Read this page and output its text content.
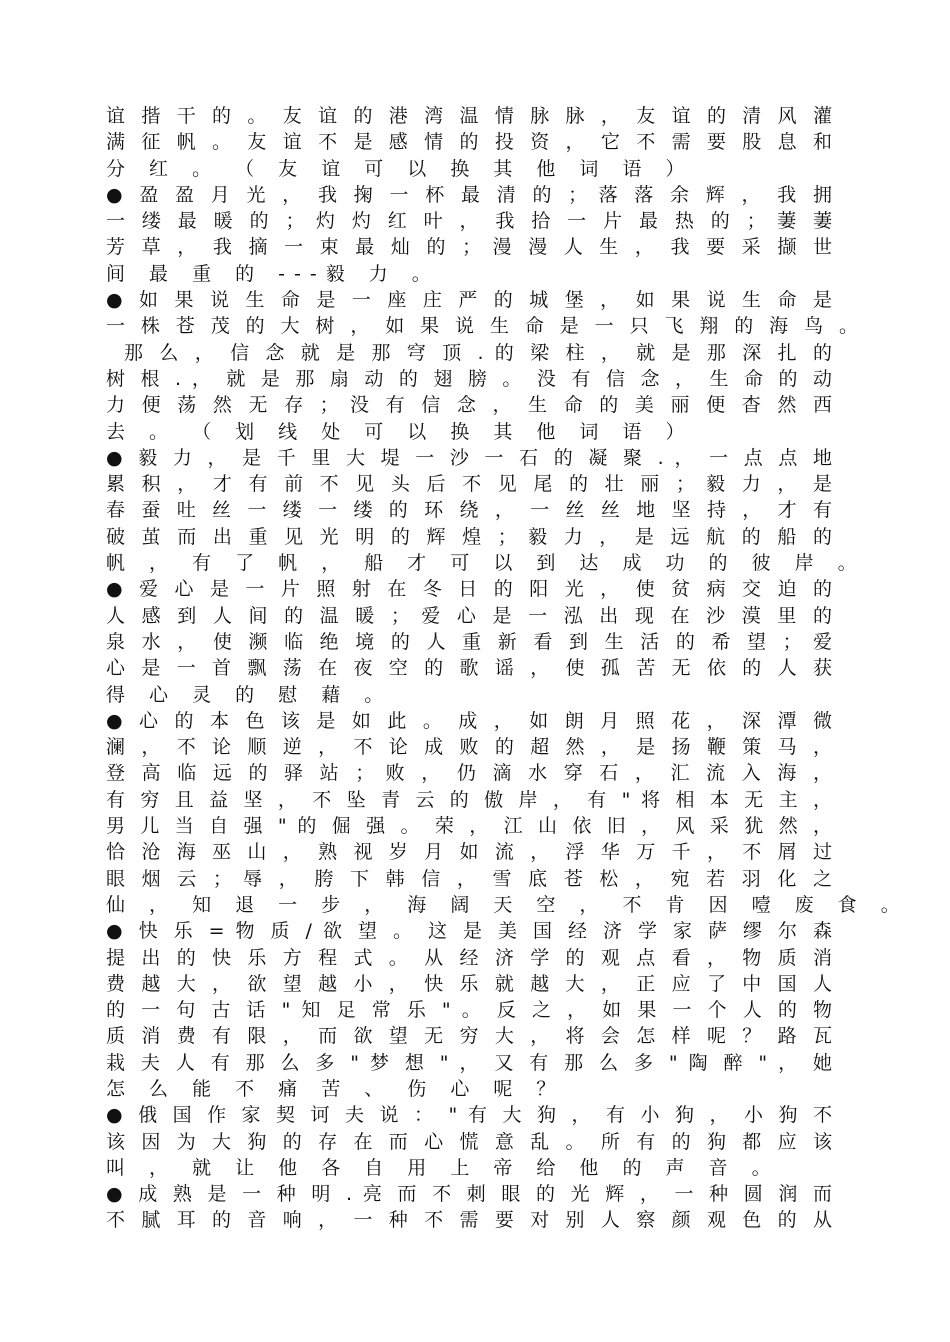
谊 揩 干 的 。 友 谊 的 港 湾 温 情 脉 脉 ， 友 谊 的 清 风 灌
满 征 帆 。 友 谊 不 是 感 情 的 投 资 ， 它 不 需 要 股 息 和
分 红 。 （ 友 谊 可 以 换 其 他 词 语 ）
● 盈 盈 月 光 ， 我 掬 一 杯 最 清 的 ； 落 落 余 辉 ， 我 拥
一 缕 最 暖 的 ； 灼 灼 红 叶 ， 我 拾 一 片 最 热 的 ； 萋 萋
芳 草 ， 我 摘 一 束 最 灿 的 ； 漫 漫 人 生 ， 我 要 采 撷 世
间 最 重 的 ---毅 力 。
● 如 果 说 生 命 是 一 座 庄 严 的 城 堡 ， 如 果 说 生 命 是
一 株 苍 茂 的 大 树 ， 如 果 说 生 命 是 一 只 飞 翔 的 海 鸟 。
那 么 ， 信 念 就 是 那 穹 顶 . 的 梁 柱 ， 就 是 那 深 扎 的
树 根 . ， 就 是 那 扇 动 的 翅 膀 。 没 有 信 念 ， 生 命 的 动
力 便 荡 然 无 存 ； 没 有 信 念 ， 生 命 的 美 丽 便 杳 然 西
去 。 （ 划 线 处 可 以 换 其 他 词 语 ）
● 毅 力 ， 是 千 里 大 堤 一 沙 一 石 的 凝 聚 . ， 一 点 点 地
累 积 ， 才 有 前 不 见 头 后 不 见 尾 的 壮 丽 ； 毅 力 ， 是
春 蚕 吐 丝 一 缕 一 缕 的 环 绕 ， 一 丝 丝 地 坚 持 ， 才 有
破 茧 而 出 重 见 光 明 的 辉 煌 ； 毅 力 ， 是 远 航 的 船 的
帆 ， 有 了 帆 ， 船 才 可 以 到 达 成 功 的 彼 岸 。
● 爱 心 是 一 片 照 射 在 冬 日 的 阳 光 ， 使 贫 病 交 迫 的
人 感 到 人 间 的 温 暖 ； 爱 心 是 一 泓 出 现 在 沙 漠 里 的
泉 水 ， 使 濒 临 绝 境 的 人 重 新 看 到 生 活 的 希 望 ； 爱
心 是 一 首 飘 荡 在 夜 空 的 歌 谣 ， 使 孤 苦 无 依 的 人 获
得 心 灵 的 慰 藉 。
● 心 的 本 色 该 是 如 此 。 成 ， 如 朗 月 照 花 ， 深 潭 微
澜 ， 不 论 顺 逆 ， 不 论 成 败 的 超 然 ， 是 扬 鞭 策 马 ，
登 高 临 远 的 驿 站 ； 败 ， 仍 滴 水 穿 石 ， 汇 流 入 海 ，
有 穷 且 益 坚 ， 不 坠 青 云 的 傲 岸 ， 有 " 将 相 本 无 主 ，
男 儿 当 自 强 " 的 倔 强 。 荣 ， 江 山 依 旧 ， 风 采 犹 然 ，
恰 沧 海 巫 山 ， 熟 视 岁 月 如 流 ， 浮 华 万 千 ， 不 屑 过
眼 烟 云 ； 辱 ， 胯 下 韩 信 ， 雪 底 苍 松 ， 宛 若 羽 化 之
仙 ， 知 退 一 步 ， 海 阔 天 空 ， 不 肯 因 噎 废 食 。
● 快 乐 = 物 质 / 欲 望 。 这 是 美 国 经 济 学 家 萨 缪 尔 森
提 出 的 快 乐 方 程 式 。 从 经 济 学 的 观 点 看 ， 物 质 消
费 越 大 ， 欲 望 越 小 ， 快 乐 就 越 大 ， 正 应 了 中 国 人
的 一 句 古 话 " 知 足 常 乐 " 。 反 之 ， 如 果 一 个 人 的 物
质 消 费 有 限 ， 而 欲 望 无 穷 大 ， 将 会 怎 样 呢 ？ 路 瓦
栽 夫 人 有 那 么 多 " 梦 想 " ， 又 有 那 么 多 " 陶 醉 " ， 她
怎 么 能 不 痛 苦 、 伤 心 呢 ？
● 俄 国 作 家 契 诃 夫 说 ： " 有 大 狗 ， 有 小 狗 ， 小 狗 不
该 因 为 大 狗 的 存 在 而 心 慌 意 乱 。 所 有 的 狗 都 应 该
叫 ， 就 让 他 各 自 用 上 帝 给 他 的 声 音 。
● 成 熟 是 一 种 明 . 亮 而 不 刺 眼 的 光 辉 ， 一 种 圆 润 而
不 腻 耳 的 音 响 ， 一 种 不 需 要 对 别 人 察 颜 观 色 的 从
